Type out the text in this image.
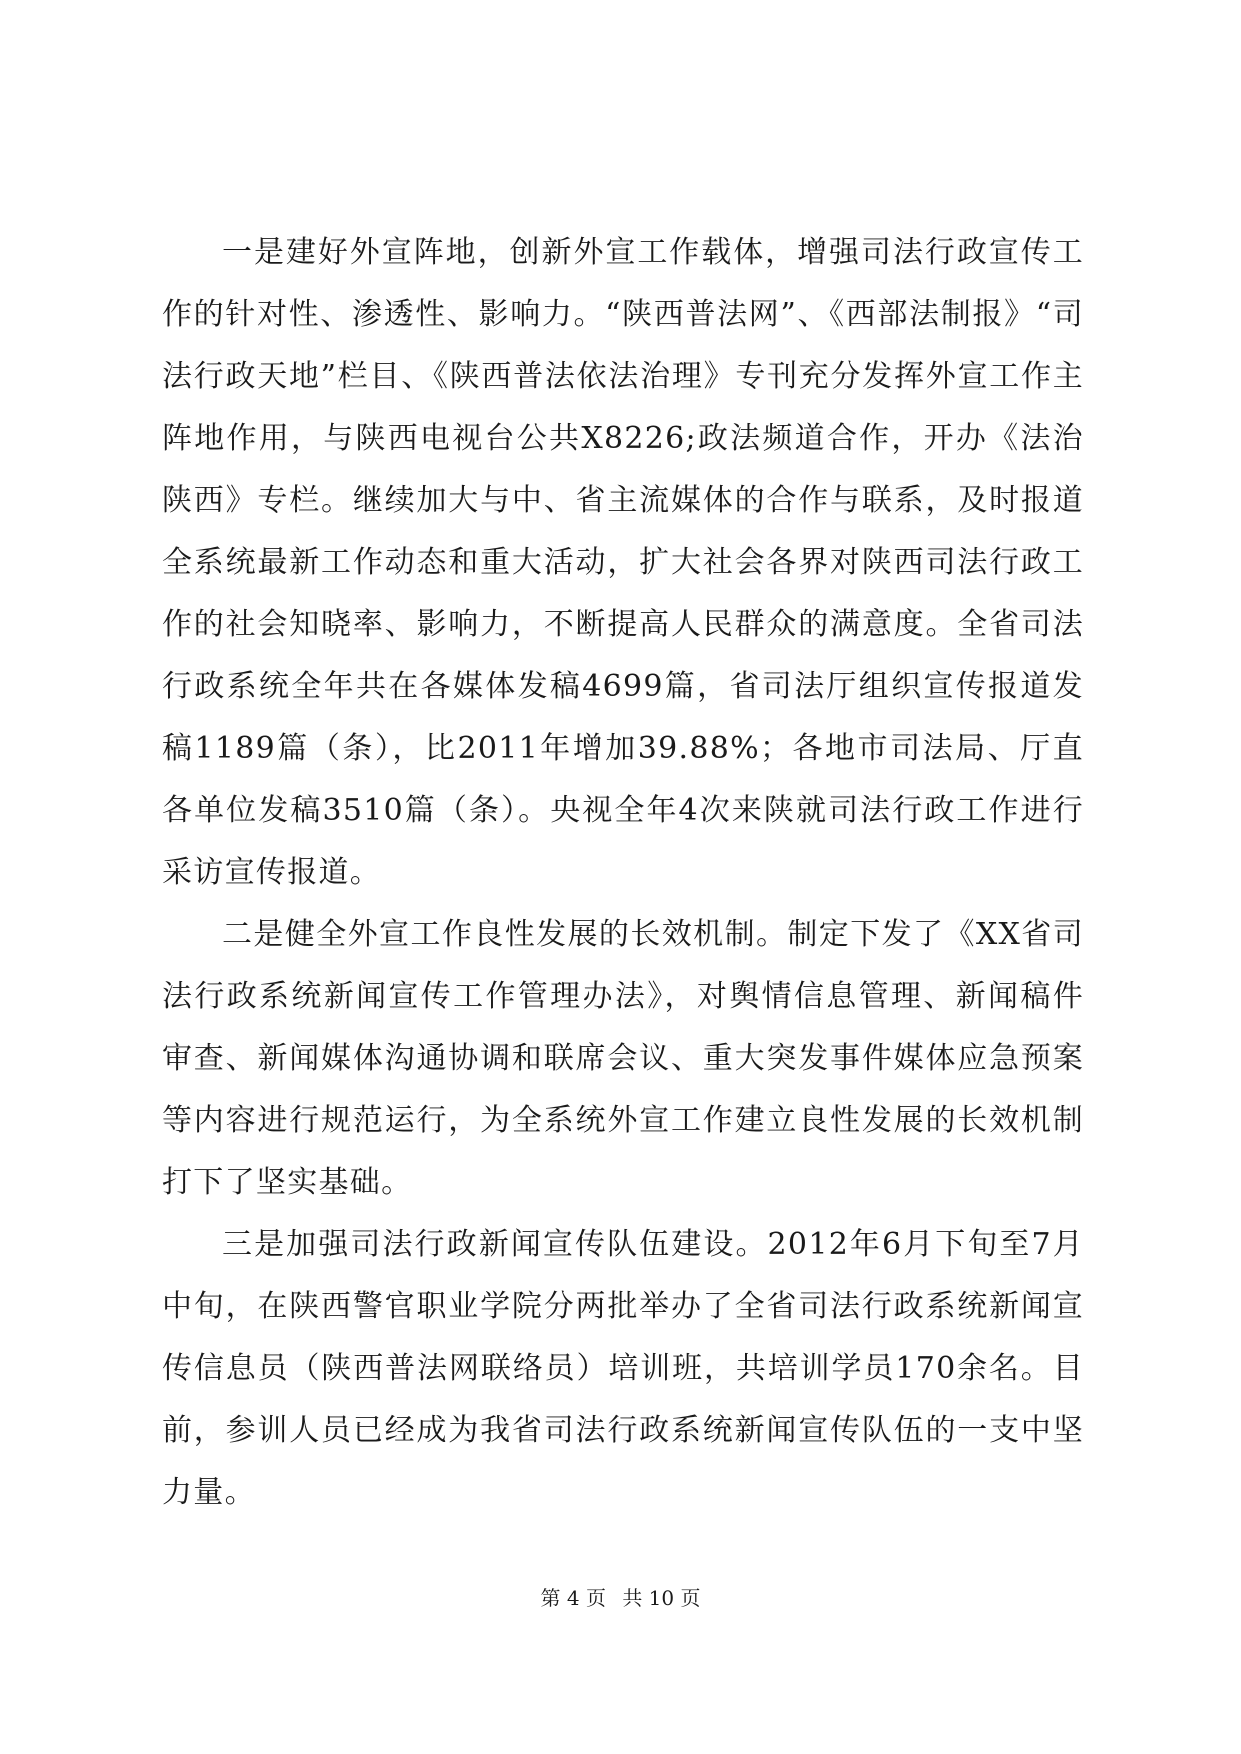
一是建好外宣阵地，创新外宣工作载体，增强司法行政宣传工作的针对性、渗透性、影响力。“陕西普法网”、《西部法制报》“司法行政天地”栏目、《陕西普法依法治理》专刊充分发挥外宣工作主阵地作用，与陕西电视台公共X8226;政法频道合作，开办《法治陕西》专栏。继续加大与中、省主流媒体的合作与联系，及时报道全系统最新工作动态和重大活动，扩大社会各界对陕西司法行政工作的社会知晓率、影响力，不断提高人民群众的满意度。全省司法行政系统全年共在各媒体发稿4699篇，省司法厅组织宣传报道发稿1189篇（条），比2011年增加39.88%；各地市司法局、厅直各单位发稿3510篇（条）。央视全年4次来陕就司法行政工作进行采访宣传报道。

二是健全外宣工作良性发展的长效机制。制定下发了《XX省司法行政系统新闻宣传工作管理办法》，对舆情信息管理、新闻稿件审查、新闻媒体沟通协调和联席会议、重大突发事件媒体应急预案等内容进行规范运行，为全系统外宣工作建立良性发展的长效机制打下了坚实基础。

三是加强司法行政新闻宣传队伍建设。2012年6月下旬至7月中旬，在陕西警官职业学院分两批举办了全省司法行政系统新闻宣传信息员（陕西普法网联络员）培训班，共培训学员170余名。目前，参训人员已经成为我省司法行政系统新闻宣传队伍的一支中坚力量。

第 4 页 共 10 页
